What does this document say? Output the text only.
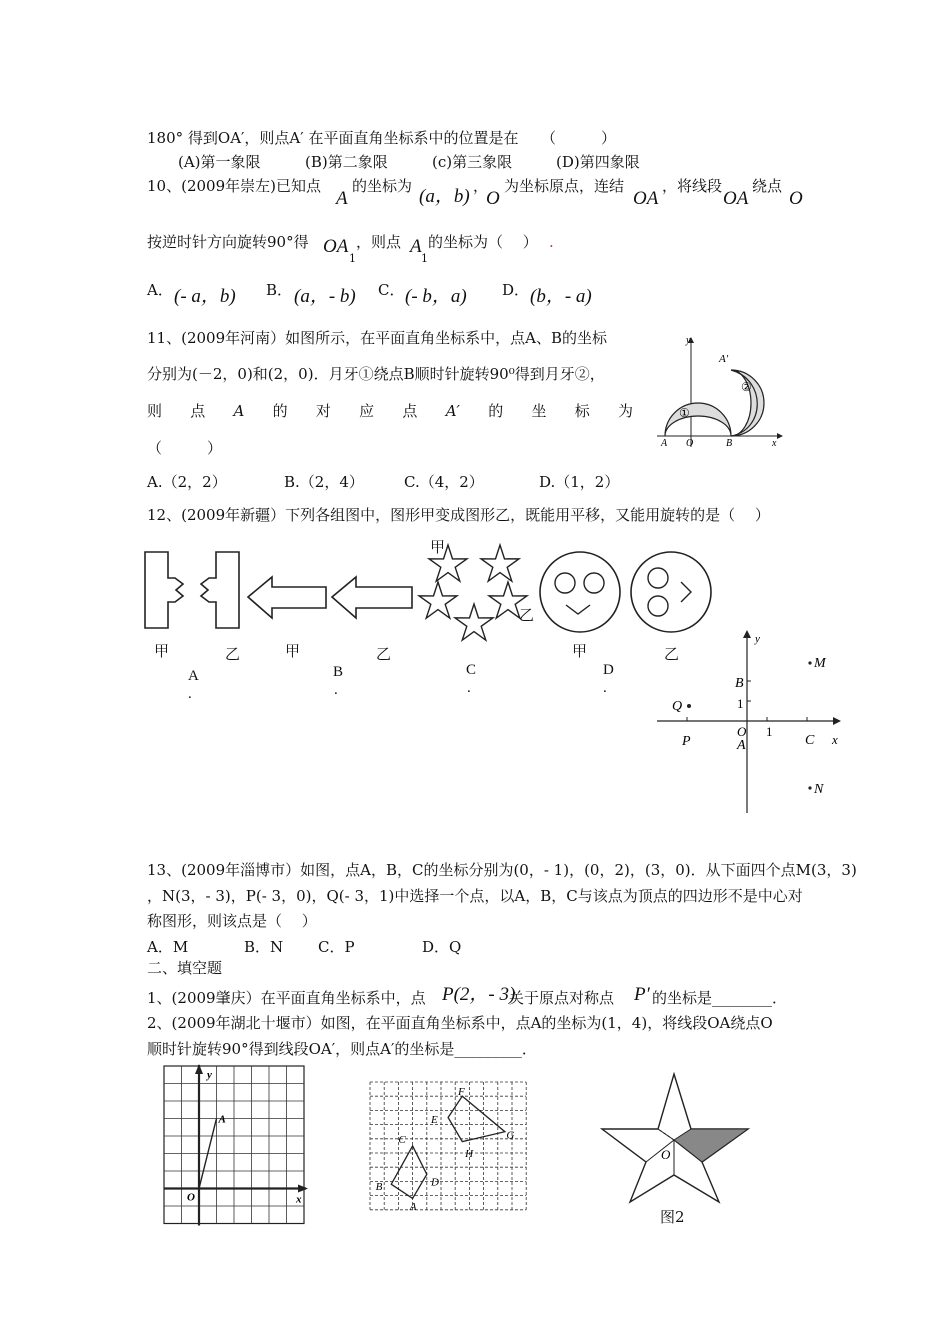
180° 得到OA′，则点A′ 在平面直角坐标系中的位置是在　　（　　　）
(A)第一象限	(B)第二象限	(c)第三象限	(D)第四象限
10、(2009年崇左)已知点
A
的坐标为 (a，b) ，
O
为坐标原点，连结
OA
，将线段
OA
绕点
O
按逆时针方向旋转90°得 OA
1
，则点 A
1
的坐标为（　 ） .
A． (- a，b) B． (a，- b) C． (- b，a) D． (b，- a)
11、(2009年河南）如图所示，在平面直角坐标系中，点A、B的坐标
分别为(－2，0)和(2，0)．月牙①绕点B顺时针旋转90⁰得到月牙②，
则 点 A 的 对 应 点 A′ 的 坐 标 为
（　　　）
A.（2，2）	B.（2，4）	C.（4，2）	D.（1，2）
y
A′
①
②
A O	B	x
12、(2009年新疆）下列各组图中，图形甲变成图形乙，既能用平移，又能用旋转的是（　 ）
甲	乙	甲	乙
甲
乙
甲	乙
A
.
B
.
C
.
D
.
y
M
B
1
Q
O 1
P	A	C x
N
13、(2009年淄博市）如图，点A，B，C的坐标分别为(0，- 1)，(0，2)，(3，0)．从下面四个点M(3，3)
，N(3，- 3)，P(- 3，0)，Q(- 3，1)中选择一个点，以A，B，C与该点为顶点的四边形不是中心对
称图形，则该点是（　 ）
A．M	B．N C．P	D．Q
二、填空题
1、(2009肇庆）在平面直角坐标系中，点 P(2，- 3)
关于原点对称点 P′ 的坐标是________．
2、(2009年湖北十堰市）如图，在平面直角坐标系中，点A的坐标为(1，4)，将线段OA绕点O
顺时针旋转90°得到线段OA′，则点A′的坐标是_________．
y
A
O	x
F
E
G
H
C
B	D
A
O
图2
